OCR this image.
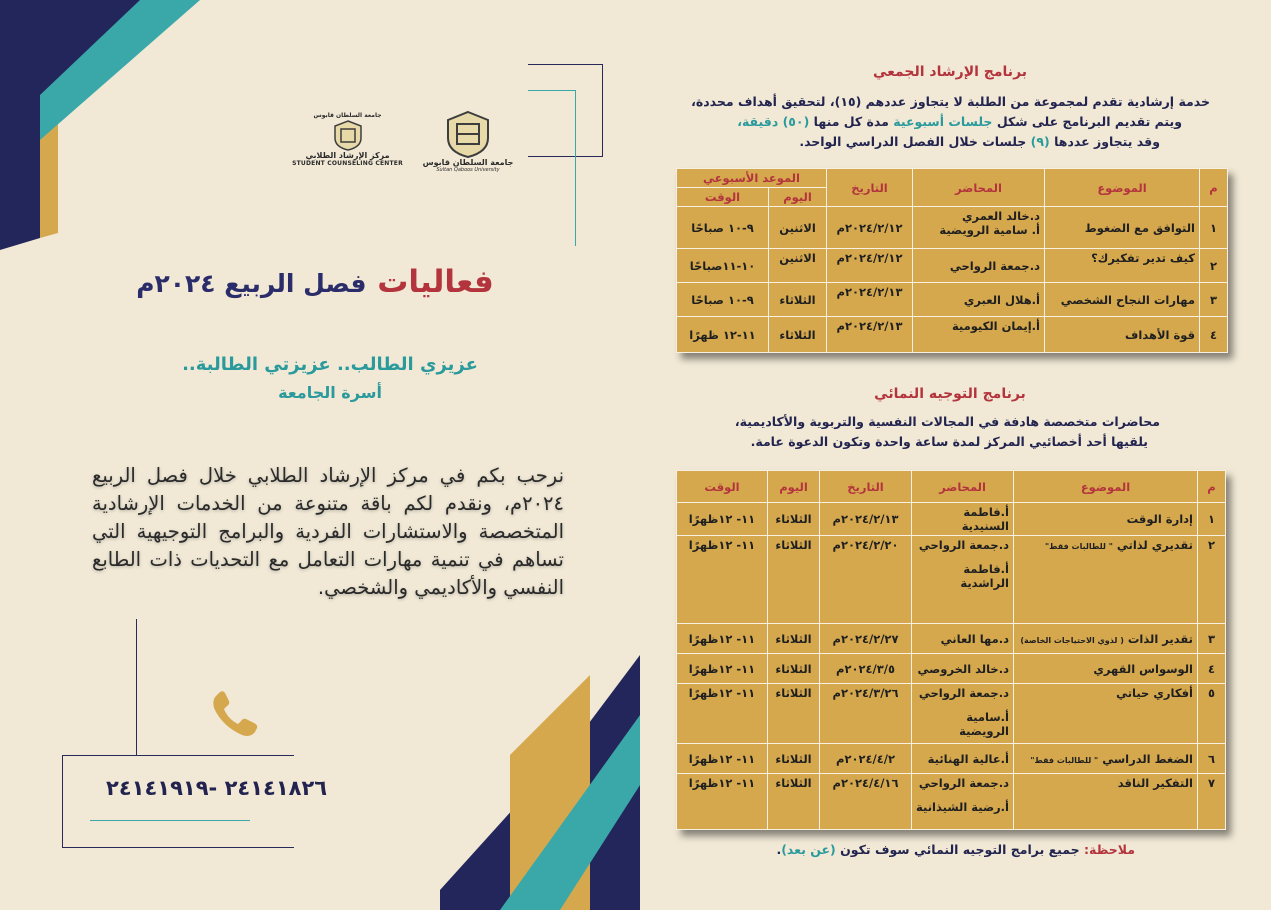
جامعة السلطان قابوس
Sultan Qaboos University
جامعة السلطان قابوس
مركز الإرشاد الطلابي
STUDENT COUNSELING CENTER
فعاليات فصل الربيع ٢٠٢٤م
عزيزي الطالب.. عزيزتي الطالبة..
أسرة الجامعة
نرحب بكم في مركز الإرشاد الطلابي خلال فصل الربيع ٢٠٢٤م، ونقدم لكم باقة متنوعة من الخدمات الإرشادية المتخصصة والاستشارات الفردية والبرامج التوجيهية التي تساهم في تنمية مهارات التعامل مع التحديات ذات الطابع النفسي والأكاديمي والشخصي.
٢٤١٤١٨٢٦ -٢٤١٤١٩١٩
برنامج الإرشاد الجمعي
خدمة إرشادية تقدم لمجموعة من الطلبة لا يتجاوز عددهم (١٥)، لتحقيق أهداف محددة،
ويتم تقديم البرنامج على شكل جلسات أسبوعية مدة كل منها (٥٠) دقيقة،
وقد يتجاوز عددها (٩) جلسات خلال الفصل الدراسي الواحد.
م	الموضوع	المحاضر	التاريخ	الموعد الأسبوعي	
				اليوم	الوقت
١	التوافق مع الضغوط	د.خالد العمري
أ. سامية الرويضية	٢٠٢٤/٢/١٢م	الاثنين	٩-١٠ صباحًا
٢	كيف تدير تفكيرك؟	د.جمعة الرواحي	٢٠٢٤/٢/١٢م	الاثنين	١٠-١١صباحًا
٣	مهارات النجاح الشخصي	أ.هلال العبري	٢٠٢٤/٢/١٣م	الثلاثاء	٩-١٠ صباحًا
٤	قوة الأهداف	أ.إيمان الكيومية	٢٠٢٤/٢/١٣م	الثلاثاء	١١-١٢ ظهرًا
برنامج التوجيه النمائي
محاضرات متخصصة هادفة في المجالات النفسية والتربوية والأكاديمية،
يلقيها أحد أخصائيي المركز لمدة ساعة واحدة وتكون الدعوة عامة.
م	الموضوع	المحاضر	التاريخ	اليوم	الوقت
١	إدارة الوقت	أ.فاطمة السنيدية	٢٠٢٤/٢/١٣م	الثلاثاء	١١- ١٢ظهرًا
٢	تقديري لذاتي " للطالبات فقط"	د.جمعة الرواحي
أ.فاطمة الراشدية	٢٠٢٤/٢/٢٠م	الثلاثاء	١١- ١٢ظهرًا
٣	تقدير الذات ( لذوي الاحتياجات الخاصة)	د.مها العاني	٢٠٢٤/٢/٢٧م	الثلاثاء	١١- ١٢ظهرًا
٤	الوسواس القهري	د.خالد الخروصي	٢٠٢٤/٣/٥م	الثلاثاء	١١- ١٢ظهرًا
٥	أفكاري حياتي	د.جمعة الرواحي
أ.سامية الرويضية	٢٠٢٤/٣/٢٦م	الثلاثاء	١١- ١٢ظهرًا
٦	الضغط الدراسي " للطالبات فقط"	أ.عالية الهنائية	٢٠٢٤/٤/٢م	الثلاثاء	١١- ١٢ظهرًا
٧	التفكير الناقد	د.جمعة الرواحي
أ.رضية الشيذانية	٢٠٢٤/٤/١٦م	الثلاثاء	١١- ١٢ظهرًا
ملاحظة: جميع برامج التوجيه النمائي سوف تكون (عن بعد).
